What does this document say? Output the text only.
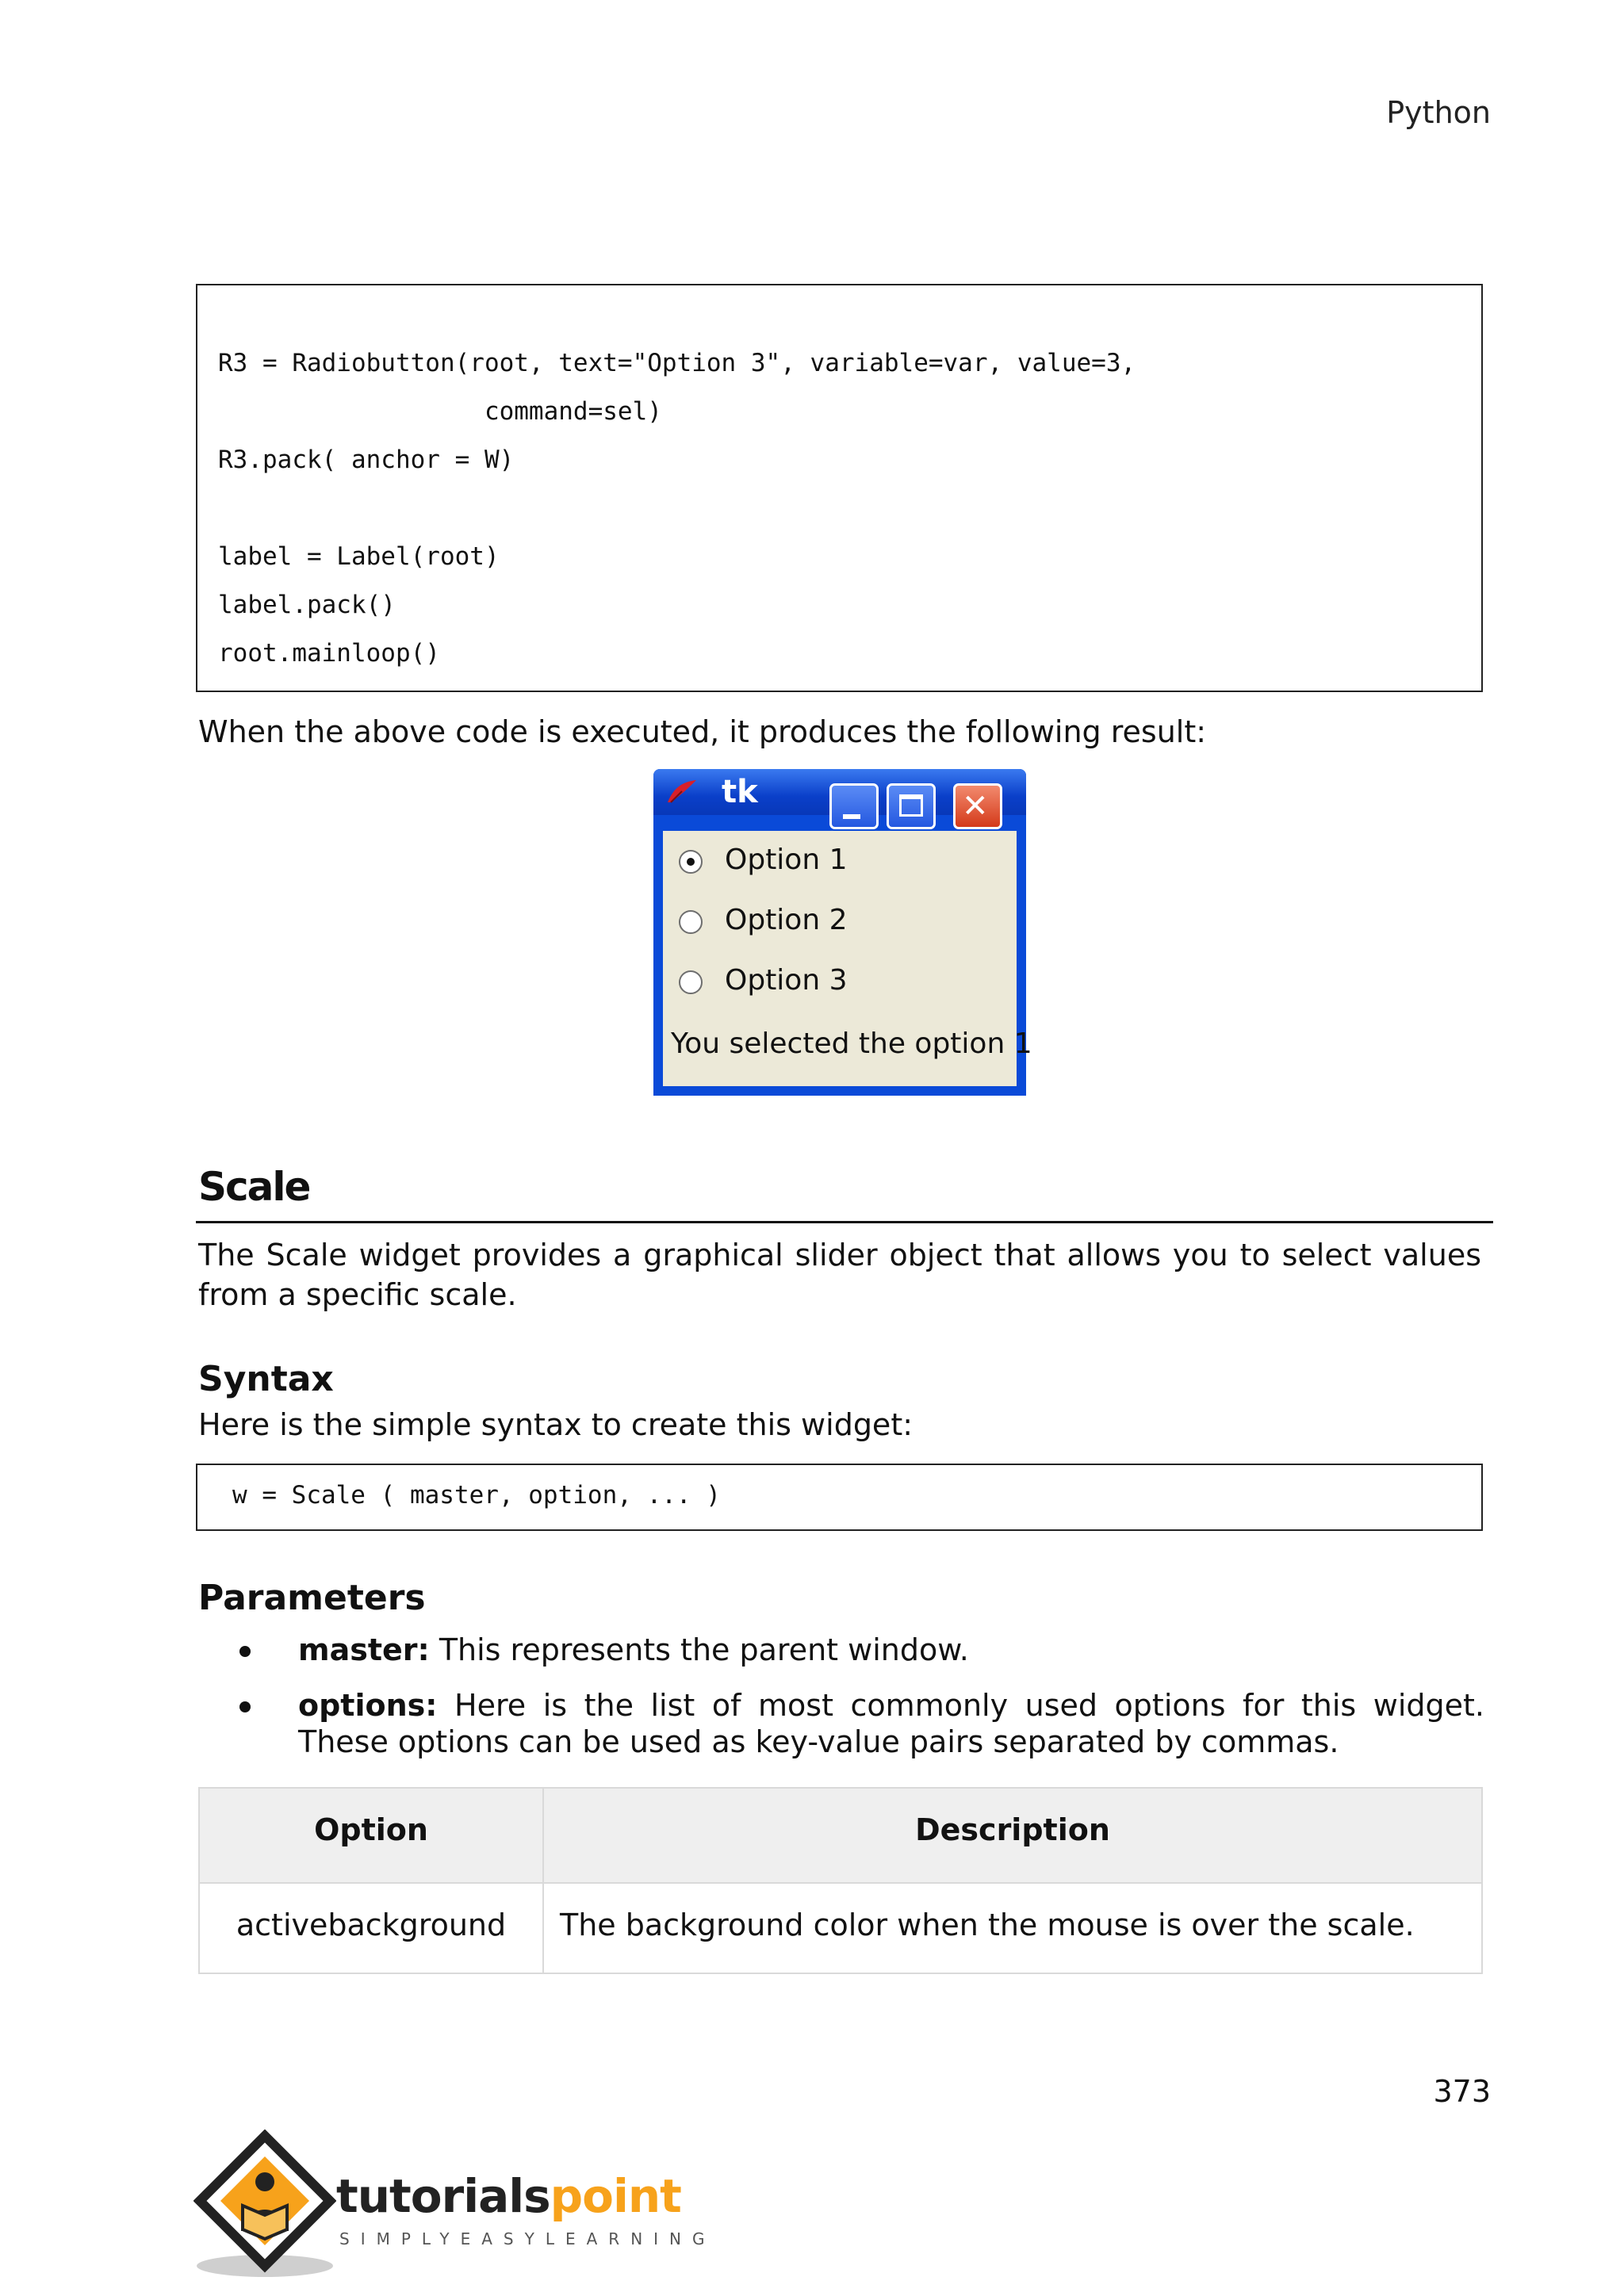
Python
R3 = Radiobutton(root, text="Option 3", variable=var, value=3,
command=sel)
R3.pack( anchor = W)
label = Label(root)
label.pack()
root.mainloop()
When the above code is executed, it produces the following result:
tk	✕
Option 1
Option 2
Option 3
You selected the option 1
Scale
The Scale widget provides a graphical slider object that allows you to select values from a specific scale.
Syntax
Here is the simple syntax to create this widget:
w = Scale ( master, option, ... )
Parameters
master: This represents the parent window.
options: Here is the list of most commonly used options for this widget. These options can be used as key-value pairs separated by commas.
Option	Description
activebackground	The background color when the mouse is over the scale.
373
tutorialspoint
SIMPLYEASYLEARNING
